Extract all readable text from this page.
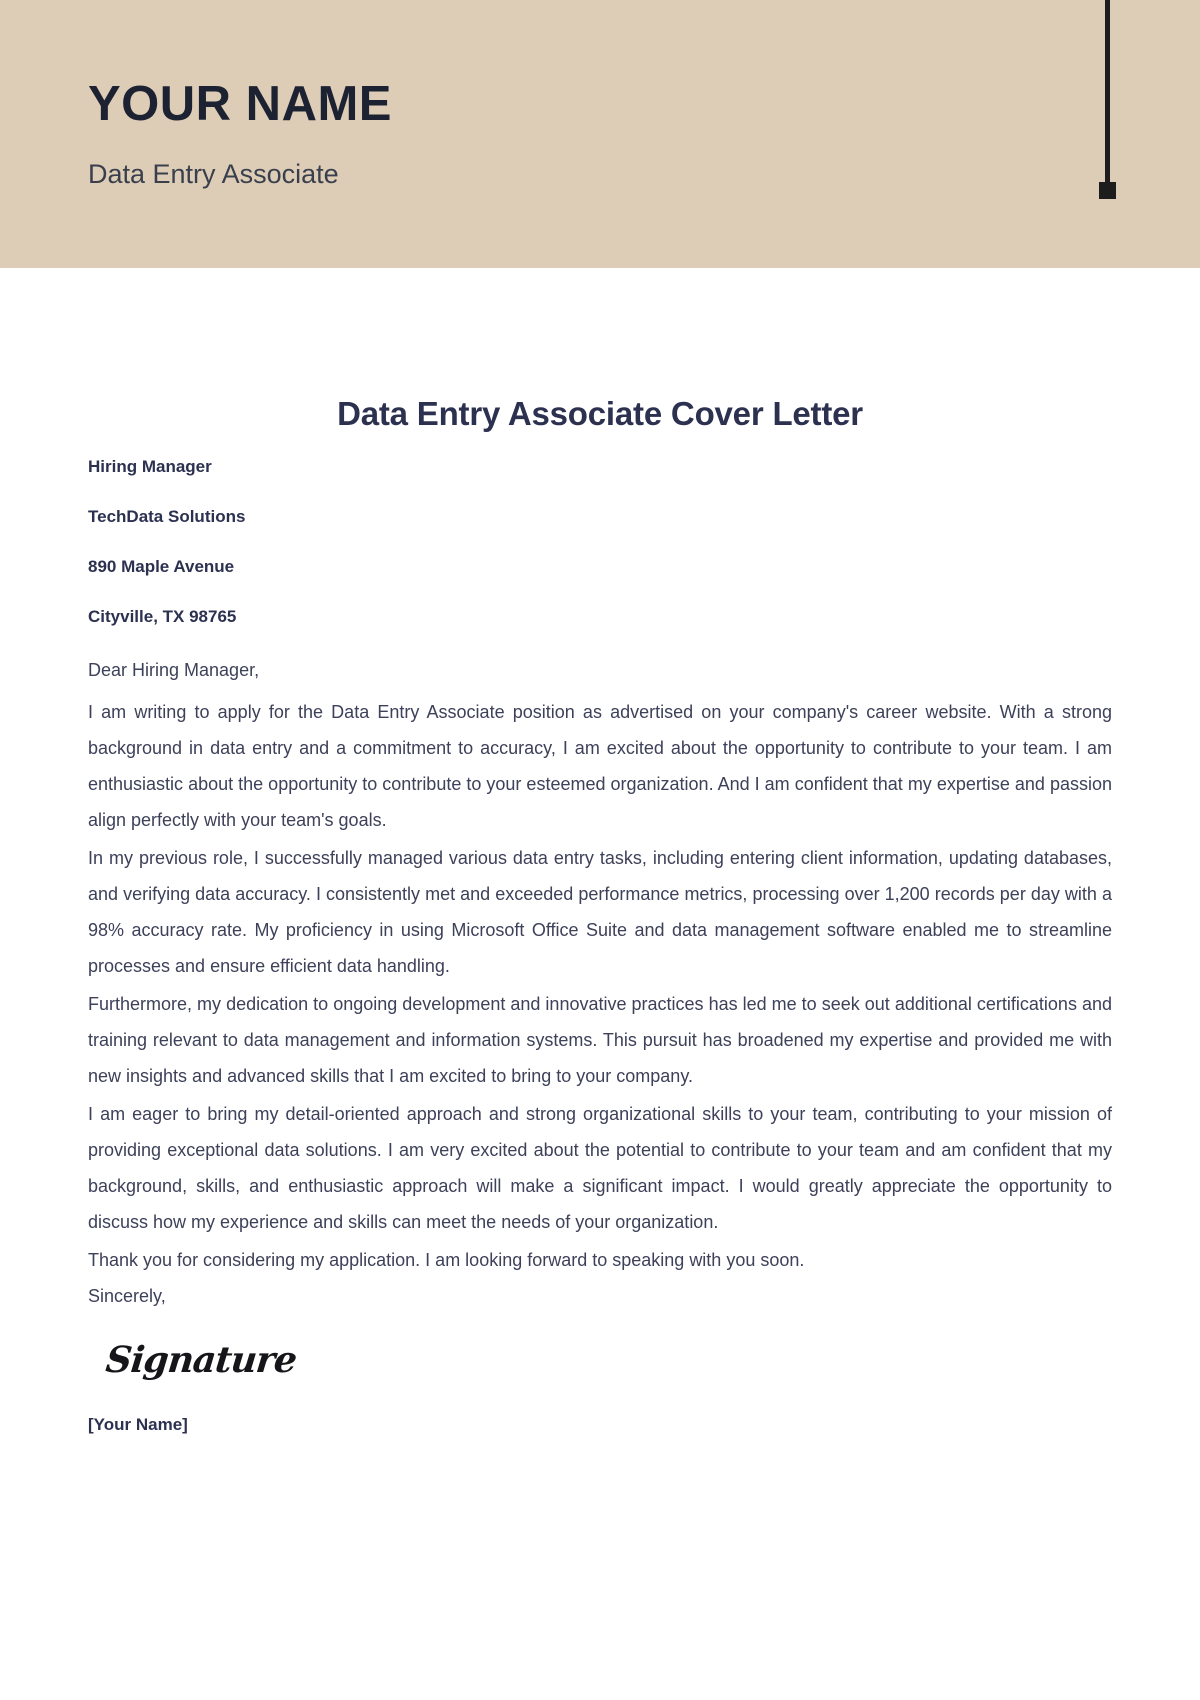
YOUR NAME
Data Entry Associate
Data Entry Associate Cover Letter
Hiring Manager
TechData Solutions
890 Maple Avenue
Cityville, TX 98765
Dear Hiring Manager,

I am writing to apply for the Data Entry Associate position as advertised on your company's career website. With a strong background in data entry and a commitment to accuracy, I am excited about the opportunity to contribute to your team. I am enthusiastic about the opportunity to contribute to your esteemed organization. And I am confident that my expertise and passion align perfectly with your team's goals.

In my previous role, I successfully managed various data entry tasks, including entering client information, updating databases, and verifying data accuracy. I consistently met and exceeded performance metrics, processing over 1,200 records per day with a 98% accuracy rate. My proficiency in using Microsoft Office Suite and data management software enabled me to streamline processes and ensure efficient data handling.

Furthermore, my dedication to ongoing development and innovative practices has led me to seek out additional certifications and training relevant to data management and information systems. This pursuit has broadened my expertise and provided me with new insights and advanced skills that I am excited to bring to your company.

I am eager to bring my detail-oriented approach and strong organizational skills to your team, contributing to your mission of providing exceptional data solutions. I am very excited about the potential to contribute to your team and am confident that my background, skills, and enthusiastic approach will make a significant impact. I would greatly appreciate the opportunity to discuss how my experience and skills can meet the needs of your organization.

Thank you for considering my application. I am looking forward to speaking with you soon.
Sincerely,
Signature
[Your Name]
